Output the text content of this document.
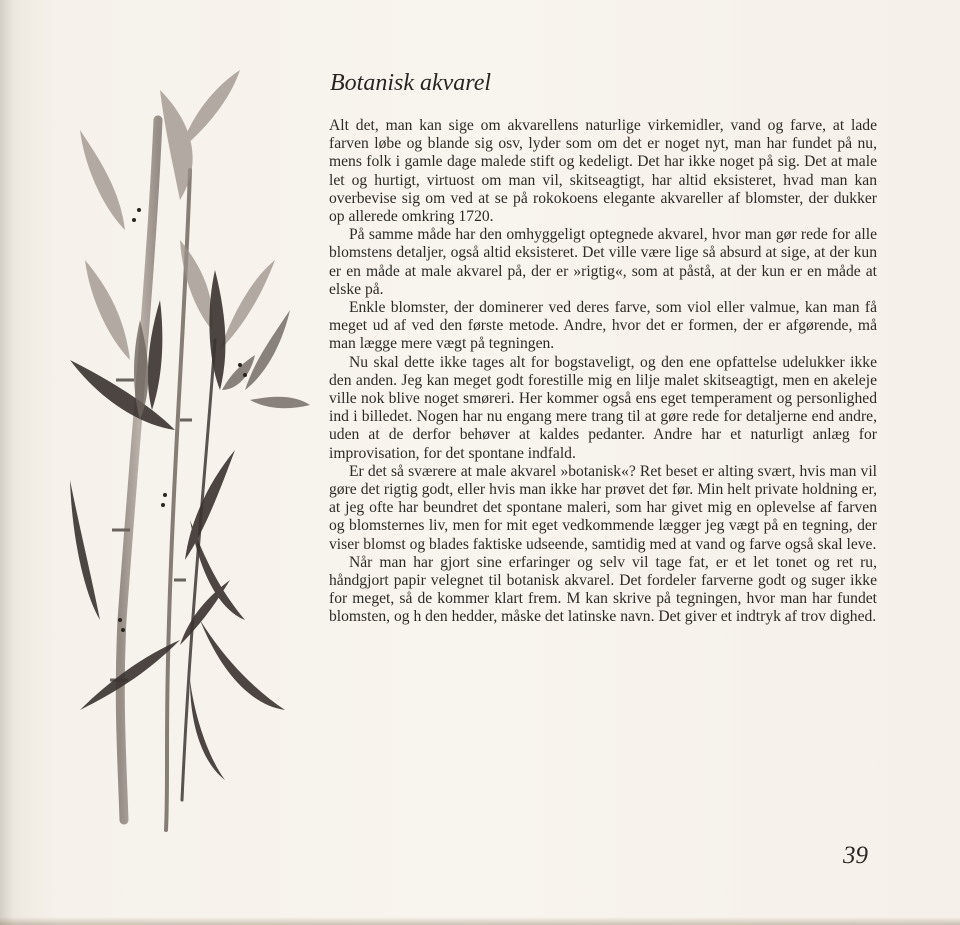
Botanisk akvarel

Alt det, man kan sige om akvarellens naturlige virkemidler, vand og farve, at lade farven løbe og blande sig osv, lyder som om det er noget nyt, man har fundet på nu, mens folk i gamle dage malede stift og kedeligt. Det har ikke noget på sig. Det at male let og hurtigt, virtuost om man vil, skitseagtigt, har altid eksisteret, hvad man kan overbevise sig om ved at se på rokokoens elegante akvareller af blomster, der dukker op allerede omkring 1720.

På samme måde har den omhyggeligt optegnede akvarel, hvor man gør rede for alle blomstens detaljer, også altid eksisteret. Det ville være lige så absurd at sige, at der kun er en måde at male akvarel på, der er »rigtig«, som at påstå, at der kun er en måde at elske på.

Enkle blomster, der dominerer ved deres farve, som viol eller valmue, kan man få meget ud af ved den første metode. Andre, hvor det er formen, der er afgørende, må man lægge mere vægt på tegningen.

Nu skal dette ikke tages alt for bogstaveligt, og den ene opfattelse udelukker ikke den anden. Jeg kan meget godt forestille mig en lilje malet skitseagtigt, men en akeleje ville nok blive noget smøreri. Her kommer også ens eget temperament og personlighed ind i billedet. Nogen har nu engang mere trang til at gøre rede for detaljerne end andre, uden at de derfor behøver at kaldes pedanter. Andre har et naturligt anlæg for improvisation, for det spontane indfald.

Er det så sværere at male akvarel »botanisk«? Ret beset er alting svært, hvis man vil gøre det rigtig godt, eller hvis man ikke har prøvet det før. Min helt private holdning er, at jeg ofte har beundret det spontane maleri, som har givet mig en oplevelse af farven og blomsternes liv, men for mit eget vedkommende lægger jeg vægt på en tegning, der viser blomst og blades faktiske udseende, samtidig med at vand og farve også skal leve.

Når man har gjort sine erfaringer og selv vil tage fat, er et let tonet og ret ru, håndgjort papir velegnet til botanisk akvarel. Det fordeler farverne godt og suger ikke for meget, så de kommer klart frem. M kan skrive på tegningen, hvor man har fundet blomsten, og h den hedder, måske det latinske navn. Det giver et indtryk af trov dighed.

39
